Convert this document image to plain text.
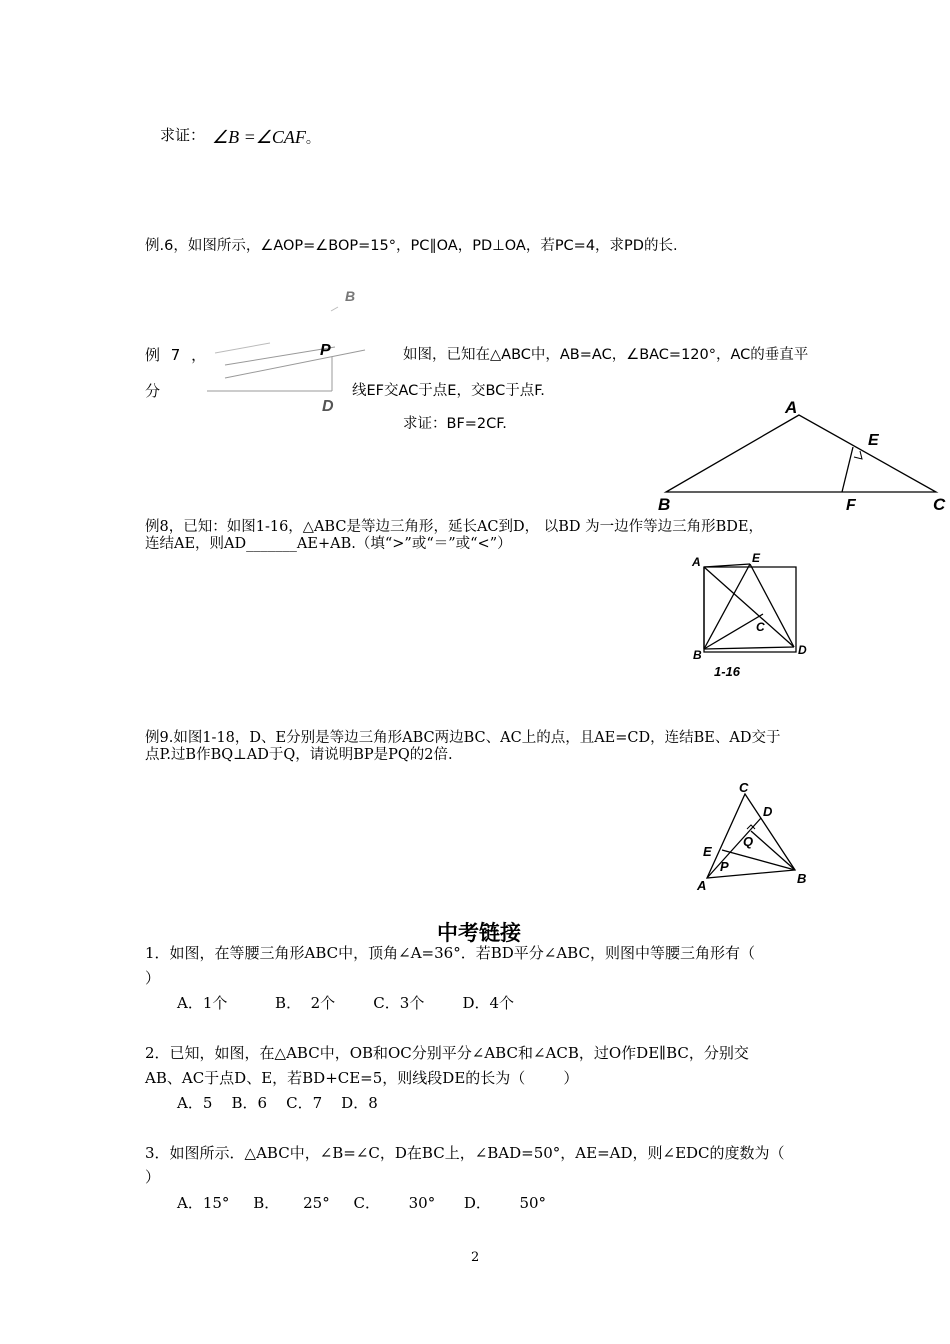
求证： ∠B =∠CAF。
例.6，如图所示，∠AOP=∠BOP=15°，PC∥OA，PD⊥OA，若PC=4，求PD的长.
B
P
D
例 7 ，	如图，已知在△ABC中，AB=AC，∠BAC=120°，AC的垂直平
分	线EF交AC于点E，交BC于点F.
求证：BF=2CF.
A
B	C
E
F
例8，已知：如图1-16，△ABC是等边三角形，延长AC到D， 以BD 为一边作等边三角形BDE，
连结AE，则AD_______AE+AB.（填“>”或“＝”或“<”）
A	E
C
B	D
1-16
例9.如图1-18，D、E分别是等边三角形ABC两边BC、AC上的点，且AE=CD，连结BE、AD交于
点P.过B作BQ⊥AD于Q，请说明BP是PQ的2倍.
C
D
Q
E
P
A	B
中考链接
1．如图，在等腰三角形ABC中，顶角∠A=36°．若BD平分∠ABC，则图中等腰三角形有（
）
A．1个          B．  2个        C．3个        D．4个
2．已知，如图，在△ABC中，OB和OC分别平分∠ABC和∠ACB，过O作DE∥BC，分别交
AB、AC于点D、E，若BD+CE=5，则线段DE的长为（        ）
A．5    B．6    C．7    D．8
3．如图所示．△ABC中，∠B=∠C，D在BC上，∠BAD=50°，AE=AD，则∠EDC的度数为（
）
A．15°     B．     25°     C．      30°      D．      50°
2
